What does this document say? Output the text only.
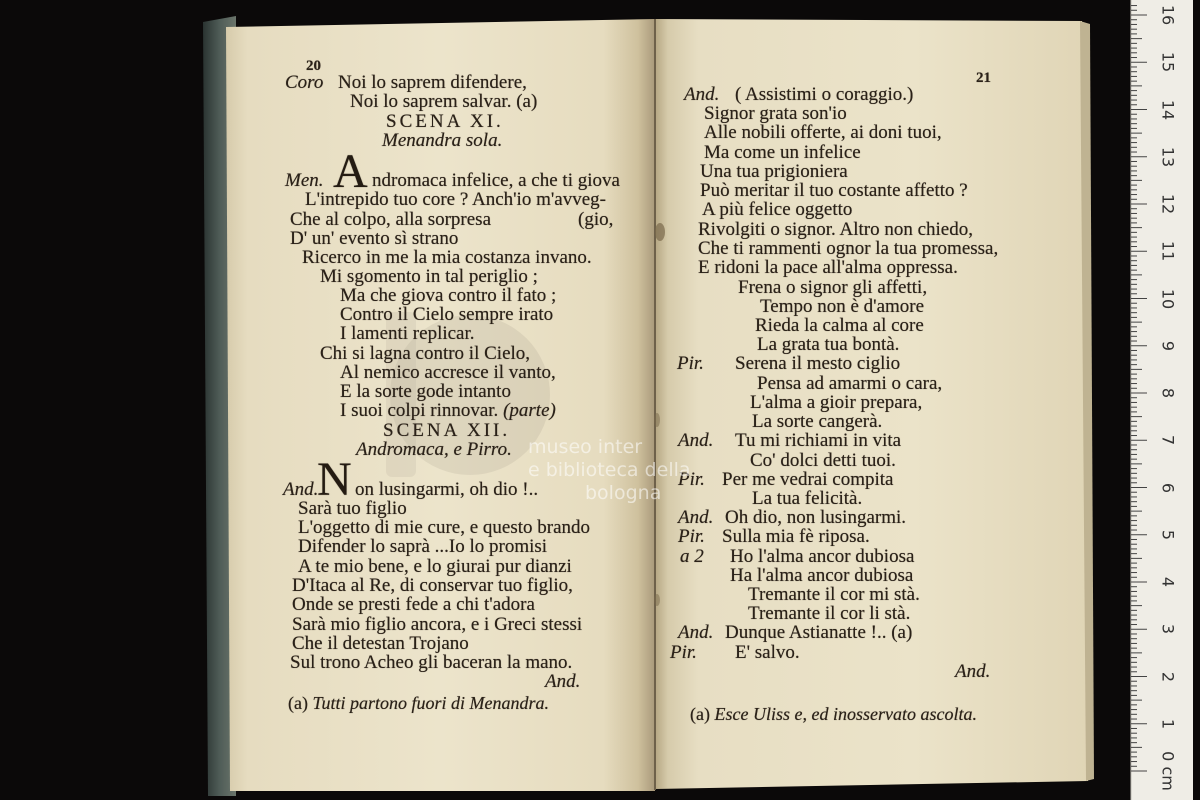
16
15
14
13
12
11
10
9
8
7
6
5
4
3
2
1
0 cm
20
Coro Noi lo saprem difendere,
Noi lo saprem salvar. (a)
SCENA XI.
Menandra sola.
Men. A ndromaca infelice, a che ti giova
L'intrepido tuo core ? Anch'io m'avveg-
Che al colpo, alla sorpresa	(gio,
D' un' evento sì strano
Ricerco in me la mia costanza invano.
Mi sgomento in tal periglio ;
Ma che giova contro il fato ;
Contro il Cielo sempre irato
I lamenti replicar.
Chi si lagna contro il Cielo,
Al nemico accresce il vanto,
E la sorte gode intanto
I suoi colpi rinnovar. (parte)
SCENA XII.
Andromaca, e Pirro.
And.
N on lusingarmi, oh dio !..
Sarà tuo figlio
L'oggetto di mie cure, e questo brando
Difender lo saprà ...Io lo promisi
A te mio bene, e lo giurai pur dianzi
D'Itaca al Re, di conservar tuo figlio,
Onde se presti fede a chi t'adora
Sarà mio figlio ancora, e i Greci stessi
Che il detestan Trojano
Sul trono Acheo gli baceran la mano.
And.
(a) Tutti partono fuori di Menandra.
21
And. ( Assistimi o coraggio.)
Signor grata son'io
Alle nobili offerte, ai doni tuoi,
Ma come un infelice
Una tua prigioniera
Può meritar il tuo costante affetto ?
A più felice oggetto
Rivolgiti o signor. Altro non chiedo,
Che ti rammenti ognor la tua promessa,
E ridoni la pace all'alma oppressa.
Frena o signor gli affetti,
Tempo non è d'amore
Rieda la calma al core
La grata tua bontà.
Pir. Serena il mesto ciglio
Pensa ad amarmi o cara,
L'alma a gioir prepara,
La sorte cangerà.
And. Tu mi richiami in vita
Co' dolci detti tuoi.
Pir. Per me vedrai compita
La tua felicità.
And. Oh dio, non lusingarmi.
Pir. Sulla mia fè riposa.
a 2 Ho l'alma ancor dubiosa
Ha l'alma ancor dubiosa
Tremante il cor mi stà.
Tremante il cor li stà.
And. Dunque Astianatte !.. (a)
Pir. E' salvo.
And.
(a) Esce Uliss e, ed inosservato ascolta.
museo inter
e biblioteca della
bologna
